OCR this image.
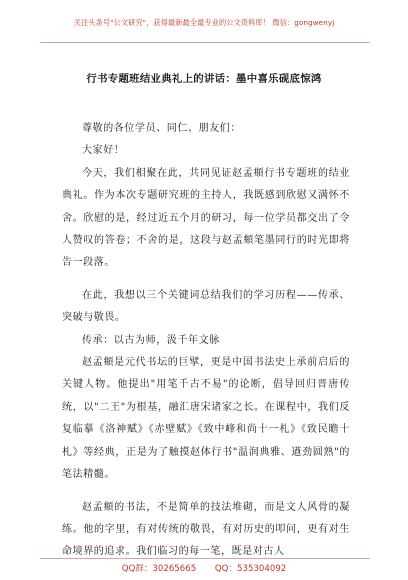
关注头条号"公文研究"，获得最新最全最专业的公文资料库！ 微信：gongwenyj
行书专题班结业典礼上的讲话：墨中喜乐砚底惊鸿

尊敬的各位学员、同仁、朋友们：

大家好！

今天，我们相聚在此，共同见证赵孟頫行书专题班的结业典礼。作为本次专题研究班的主持人，我既感到欣慰又满怀不舍。欣慰的是，经过近五个月的研习，每一位学员都交出了令人赞叹的答卷；不舍的是，这段与赵孟頫笔墨同行的时光即将告一段落。

在此，我想以三个关键词总结我们的学习历程——传承、突破与敬畏。

传承：以古为师，汲千年文脉

赵孟頫是元代书坛的巨擘，更是中国书法史上承前启后的关键人物。他提出"用笔千古不易"的论断，倡导回归晋唐传统，以"二王"为根基，融汇唐宋诸家之长。在课程中，我们反复临摹《洛神赋》《赤壁赋》《致中峰和尚十一札》《致民瞻十札》等经典，正是为了触摸赵体行书"温润典雅、遒劲圆熟"的笔法精髓。

赵孟頫的书法，不是简单的技法堆砌，而是文人风骨的凝练。他的字里，有对传统的敬畏，有对历史的叩问，更有对生命境界的追求。我们临习的每一笔，既是对古人

QQ群：30265665 QQ：535304092
